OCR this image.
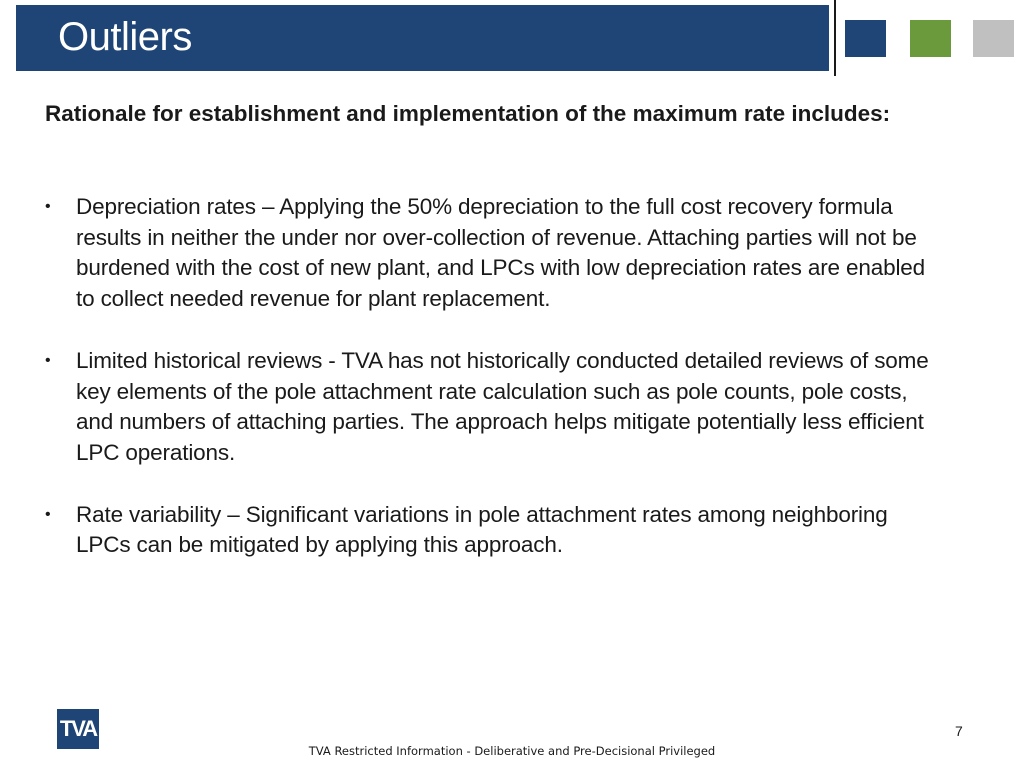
Outliers
Rationale for establishment and implementation of the maximum rate includes:
• Depreciation rates – Applying the 50% depreciation to the full cost recovery formula results in neither the under nor over-collection of revenue. Attaching parties will not be burdened with the cost of new plant, and LPCs with low depreciation rates are enabled to collect needed revenue for plant replacement.
• Limited historical reviews - TVA has not historically conducted detailed reviews of some key elements of the pole attachment rate calculation such as pole counts, pole costs, and numbers of attaching parties. The approach helps mitigate potentially less efficient LPC operations.
• Rate variability – Significant variations in pole attachment rates among neighboring LPCs can be mitigated by applying this approach.
TVA	7
TVA Restricted Information - Deliberative and Pre-Decisional Privileged
